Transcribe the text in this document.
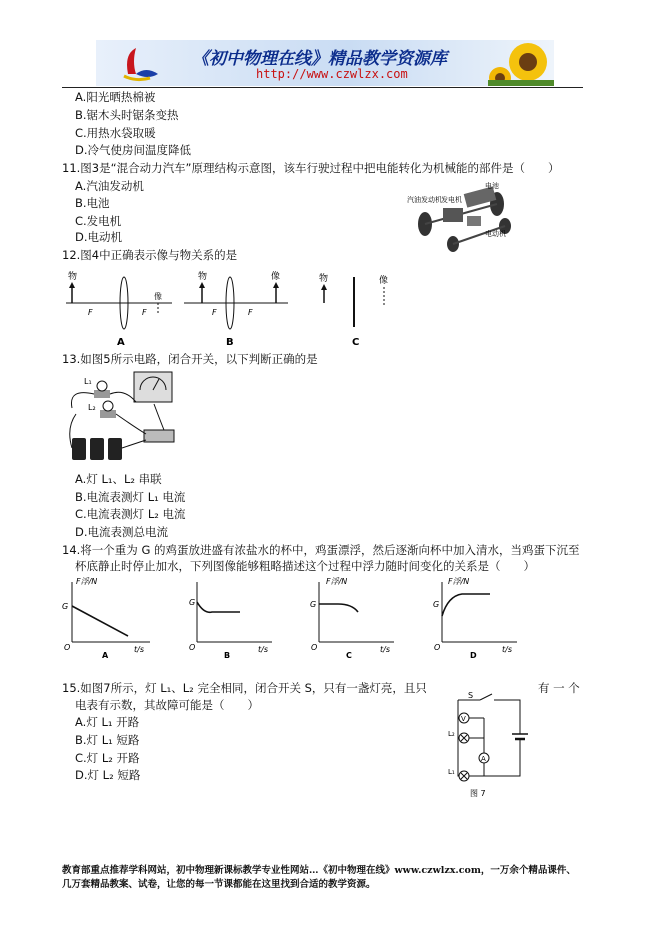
《初中物理在线》精品教学资源库
http://www.czwlzx.com
A.阳光晒热棉被
B.锯木头时锯条变热
C.用热水袋取暖
D.冷气使房间温度降低
11.图3是“混合动力汽车”原理结构示意图，该车行驶过程中把电能转化为机械能的部件是（　　）
A.汽油发动机
B.电池
C.发电机
D.电动机
电池
汽油发动机 发电机
电动机
12.图4中正确表示像与物关系的是
物
F	F
像
A
物	像
F	F
B
物	像
C
13.如图5所示电路，闭合开关，以下判断正确的是
L₁
L₂
A.灯 L₁、L₂ 串联
B.电流表测灯 L₁ 电流
C.电流表测灯 L₂ 电流
D.电流表测总电流
14.将一个重为 G 的鸡蛋放进盛有浓盐水的杯中，鸡蛋漂浮，然后逐渐向杯中加入清水，当鸡蛋下沉至
杯底静止时停止加水，下列图像能够粗略描述这个过程中浮力随时间变化的关系是（　　）
F浮/N
G
O	t/s
A
G
O	t/s
B
F浮/N
G
O	t/s
C
F浮/N
G
O	t/s
D
15.如图7所示，灯 L₁、L₂ 完全相同，闭合开关 S，只有一盏灯亮，且只	有 一 个
电表有示数，其故障可能是（　　）
A.灯 L₁ 开路
B.灯 L₁ 短路
C.灯 L₂ 开路
D.灯 L₂ 短路
S
V
L₂
A
L₁
图 7
教育部重点推荐学科网站，初中物理新课标教学专业性网站…《初中物理在线》www.czwlzx.com，一万余个精品课件、
几万套精品教案、试卷，让您的每一节课都能在这里找到合适的教学资源。
